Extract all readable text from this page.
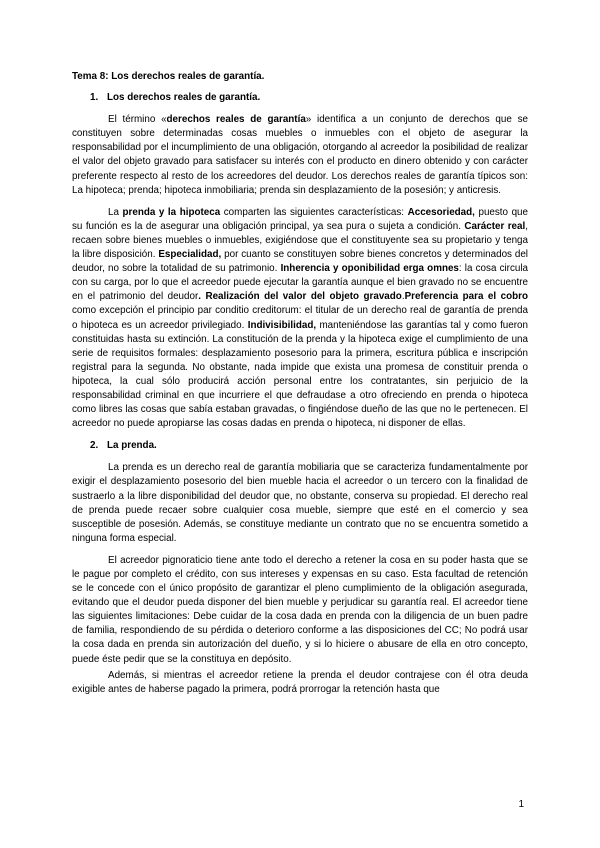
Tema 8: Los derechos reales de garantía.
1. Los derechos reales de garantía.

El término «derechos reales de garantía» identifica a un conjunto de derechos que se constituyen sobre determinadas cosas muebles o inmuebles con el objeto de asegurar la responsabilidad por el incumplimiento de una obligación, otorgando al acreedor la posibilidad de realizar el valor del objeto gravado para satisfacer su interés con el producto en dinero obtenido y con carácter preferente respecto al resto de los acreedores del deudor. Los derechos reales de garantía típicos son: La hipoteca; prenda; hipoteca inmobiliaria; prenda sin desplazamiento de la posesión; y anticresis.

La prenda y la hipoteca comparten las siguientes características: Accesoriedad, puesto que su función es la de asegurar una obligación principal, ya sea pura o sujeta a condición. Carácter real, recaen sobre bienes muebles o inmuebles, exigiéndose que el constituyente sea su propietario y tenga la libre disposición. Especialidad, por cuanto se constituyen sobre bienes concretos y determinados del deudor, no sobre la totalidad de su patrimonio. Inherencia y oponibilidad erga omnes: la cosa circula con su carga, por lo que el acreedor puede ejecutar la garantía aunque el bien gravado no se encuentre en el patrimonio del deudor. Realización del valor del objeto gravado.Preferencia para el cobro como excepción el principio par conditio creditorum: el titular de un derecho real de garantía de prenda o hipoteca es un acreedor privilegiado. Indivisibilidad, manteniéndose las garantías tal y como fueron constituidas hasta su extinción. La constitución de la prenda y la hipoteca exige el cumplimiento de una serie de requisitos formales: desplazamiento posesorio para la primera, escritura pública e inscripción registral para la segunda. No obstante, nada impide que exista una promesa de constituir prenda o hipoteca, la cual sólo producirá acción personal entre los contratantes, sin perjuicio de la responsabilidad criminal en que incurriere el que defraudase a otro ofreciendo en prenda o hipoteca como libres las cosas que sabía estaban gravadas, o fingiéndose dueño de las que no le pertenecen. El acreedor no puede apropiarse las cosas dadas en prenda o hipoteca, ni disponer de ellas.

2. La prenda.

La prenda es un derecho real de garantía mobiliaria que se caracteriza fundamentalmente por exigir el desplazamiento posesorio del bien mueble hacia el acreedor o un tercero con la finalidad de sustraerlo a la libre disponibilidad del deudor que, no obstante, conserva su propiedad. El derecho real de prenda puede recaer sobre cualquier cosa mueble, siempre que esté en el comercio y sea susceptible de posesión. Además, se constituye mediante un contrato que no se encuentra sometido a ninguna forma especial.

El acreedor pignoraticio tiene ante todo el derecho a retener la cosa en su poder hasta que se le pague por completo el crédito, con sus intereses y expensas en su caso. Esta facultad de retención se le concede con el único propósito de garantizar el pleno cumplimiento de la obligación asegurada, evitando que el deudor pueda disponer del bien mueble y perjudicar su garantía real. El acreedor tiene las siguientes limitaciones: Debe cuidar de la cosa dada en prenda con la diligencia de un buen padre de familia, respondiendo de su pérdida o deterioro conforme a las disposiciones del CC; No podrá usar la cosa dada en prenda sin autorización del dueño, y si lo hiciere o abusare de ella en otro concepto, puede éste pedir que se la constituya en depósito.

Además, si mientras el acreedor retiene la prenda el deudor contrajese con él otra deuda exigible antes de haberse pagado la primera, podrá prorrogar la retención hasta que

1
